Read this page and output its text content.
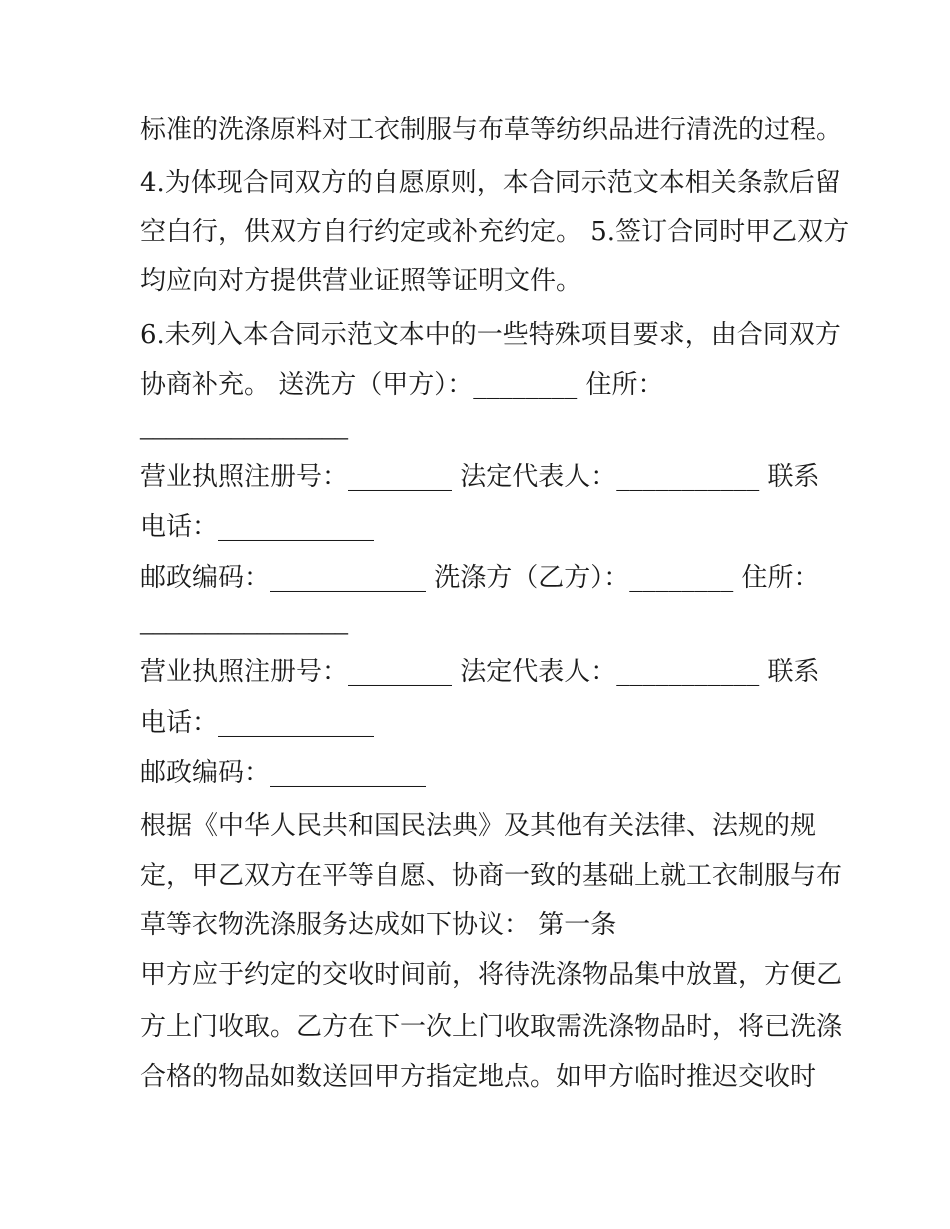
标准的洗涤原料对工衣制服与布草等纺织品进行清洗的过程。
4.为体现合同双方的自愿原则，本合同示范文本相关条款后留
空白行，供双方自行约定或补充约定。 5.签订合同时甲乙双方
均应向对方提供营业证照等证明文件。
6.未列入本合同示范文本中的一些特殊项目要求，由合同双方
协商补充。 送洗方（甲方）：________ 住所：
________________
营业执照注册号：________ 法定代表人：___________ 联系
电话：____________
邮政编码：____________ 洗涤方（乙方）：________ 住所：
________________
营业执照注册号：________ 法定代表人：___________ 联系
电话：____________
邮政编码：____________
根据《中华人民共和国民法典》及其他有关法律、法规的规
定，甲乙双方在平等自愿、协商一致的基础上就工衣制服与布
草等衣物洗涤服务达成如下协议： 第一条
甲方应于约定的交收时间前，将待洗涤物品集中放置，方便乙
方上门收取。乙方在下一次上门收取需洗涤物品时，将已洗涤
合格的物品如数送回甲方指定地点。如甲方临时推迟交收时
